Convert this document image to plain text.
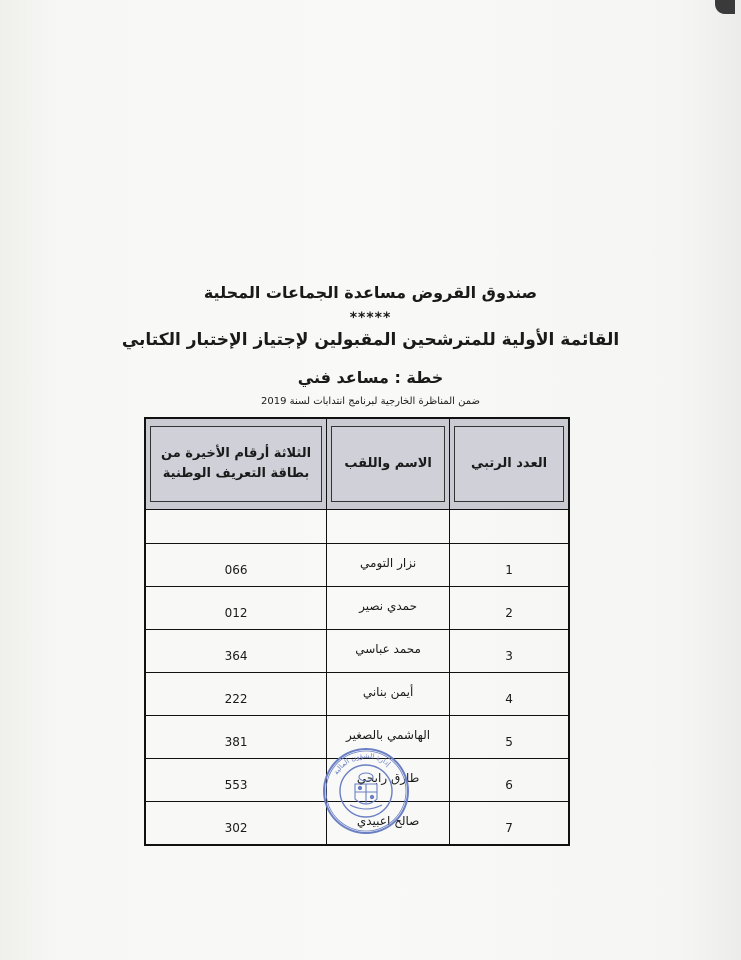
صندوق القروض مساعدة الجماعات المحلية
*****
القائمة الأولية للمترشحين المقبولين لإجتياز الإختبار الكتابي
خطة : مساعد فني
ضمن المناظرة الخارجية لبرنامج انتدابات لسنة 2019
العدد الرتبي	الاسم واللقب	الثلاثة أرقام الأخيرة من بطاقة التعريف الوطنية

1	نزار التومي	066
2	حمدي نصير	012
3	محمد عباسي	364
4	أيمن بناني	222
5	الهاشمي بالصغير	381
6	طارق رابحي	553
7	صالح اعبيدي	302
إدارة الشؤون المالية
